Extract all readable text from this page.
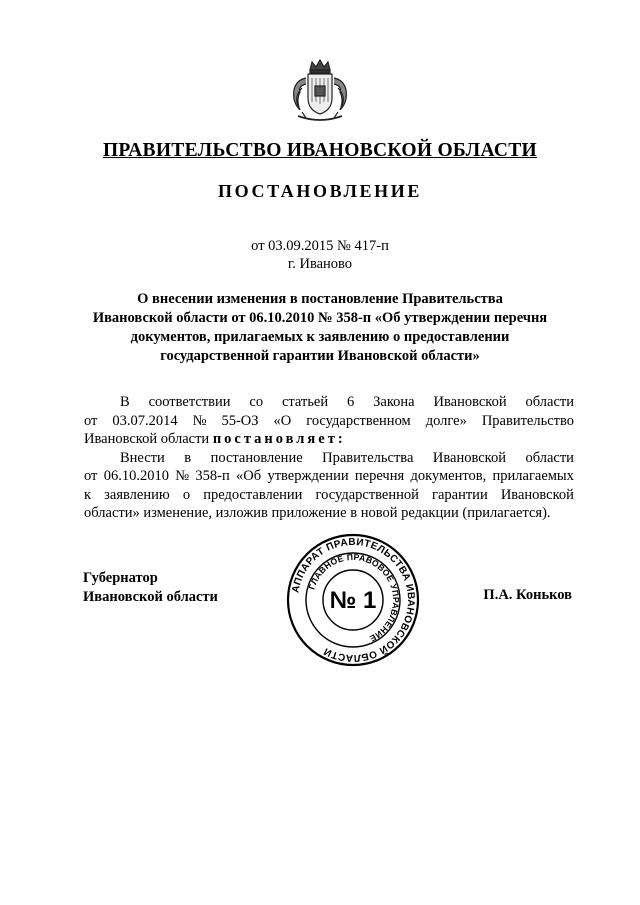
ПРАВИТЕЛЬСТВО ИВАНОВСКОЙ ОБЛАСТИ
ПОСТАНОВЛЕНИЕ
от 03.09.2015 № 417-п
г. Иваново
О внесении изменения в постановление Правительства
Ивановской области от 06.10.2010 № 358-п «Об утверждении перечня
документов, прилагаемых к заявлению о предоставлении
государственной гарантии Ивановской области»
В соответствии со статьей 6 Закона Ивановской области
от 03.07.2014 № 55-ОЗ «О государственном долге» Правительство
Ивановской области
постановляет:
Внести в постановление Правительства Ивановской области
от 06.10.2010 № 358-п «Об утверждении перечня документов, прилагаемых
к заявлению о предоставлении государственной гарантии Ивановской
области» изменение, изложив приложение в новой редакции (прилагается).
Губернатор
Ивановской области
АППАРАТ ПРАВИТЕЛЬСТВА ИВАНОВСКОЙ ОБЛАСТИ
ГЛАВНОЕ ПРАВОВОЕ УПРАВЛЕНИЕ
№ 1	П.А. Коньков
